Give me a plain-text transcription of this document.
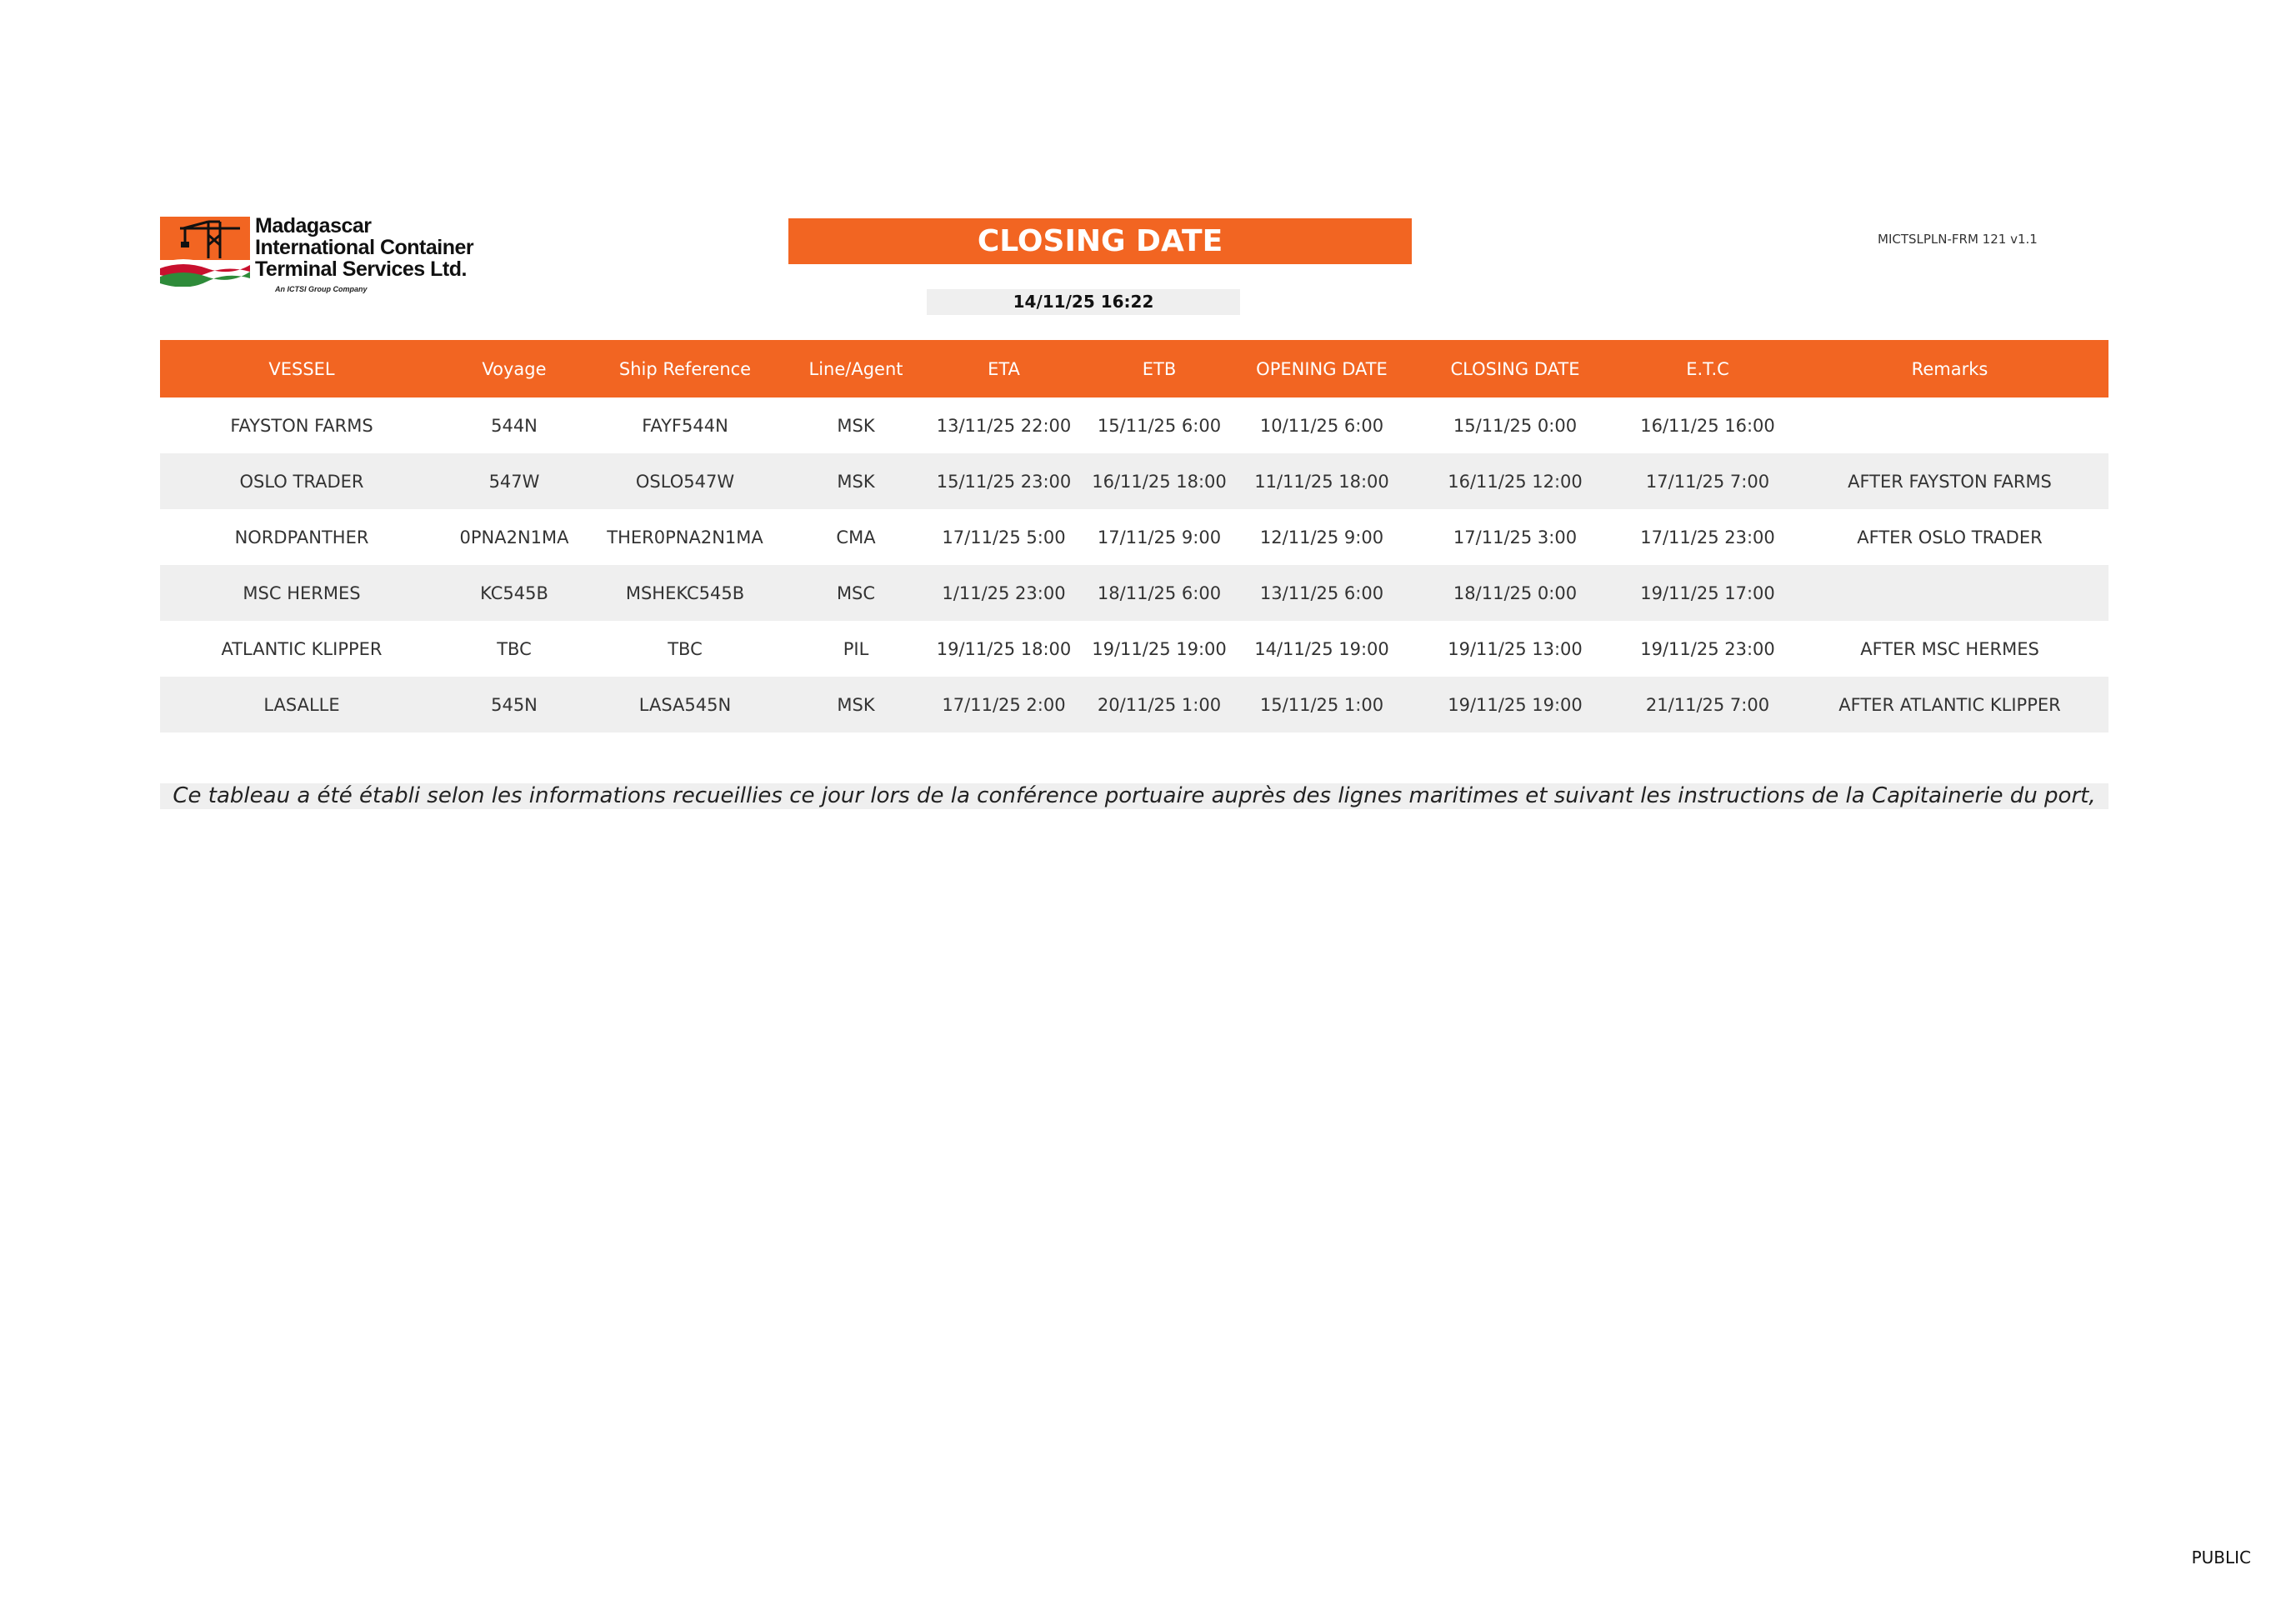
Madagascar
International Container
Terminal Services Ltd.
An ICTSI Group Company
CLOSING DATE	MICTSLPLN-FRM 121 v1.1
14/11/25 16:22
VESSEL	Voyage	Ship Reference	Line/Agent	ETA	ETB	OPENING DATE	CLOSING DATE	E.T.C	Remarks
FAYSTON FARMS	544N	FAYF544N	MSK	13/11/25 22:00	15/11/25 6:00	10/11/25 6:00	15/11/25 0:00	16/11/25 16:00	
OSLO TRADER	547W	OSLO547W	MSK	15/11/25 23:00	16/11/25 18:00	11/11/25 18:00	16/11/25 12:00	17/11/25 7:00	AFTER FAYSTON FARMS
NORDPANTHER	0PNA2N1MA	THER0PNA2N1MA	CMA	17/11/25 5:00	17/11/25 9:00	12/11/25 9:00	17/11/25 3:00	17/11/25 23:00	AFTER OSLO TRADER
MSC HERMES	KC545B	MSHEKC545B	MSC	1/11/25 23:00	18/11/25 6:00	13/11/25 6:00	18/11/25 0:00	19/11/25 17:00	
ATLANTIC KLIPPER	TBC	TBC	PIL	19/11/25 18:00	19/11/25 19:00	14/11/25 19:00	19/11/25 13:00	19/11/25 23:00	AFTER MSC HERMES
LASALLE	545N	LASA545N	MSK	17/11/25 2:00	20/11/25 1:00	15/11/25 1:00	19/11/25 19:00	21/11/25 7:00	AFTER ATLANTIC KLIPPER
Ce tableau a été établi selon les informations recueillies ce jour lors de la conférence portuaire auprès des lignes maritimes et suivant les instructions de la Capitainerie du port,
PUBLIC
